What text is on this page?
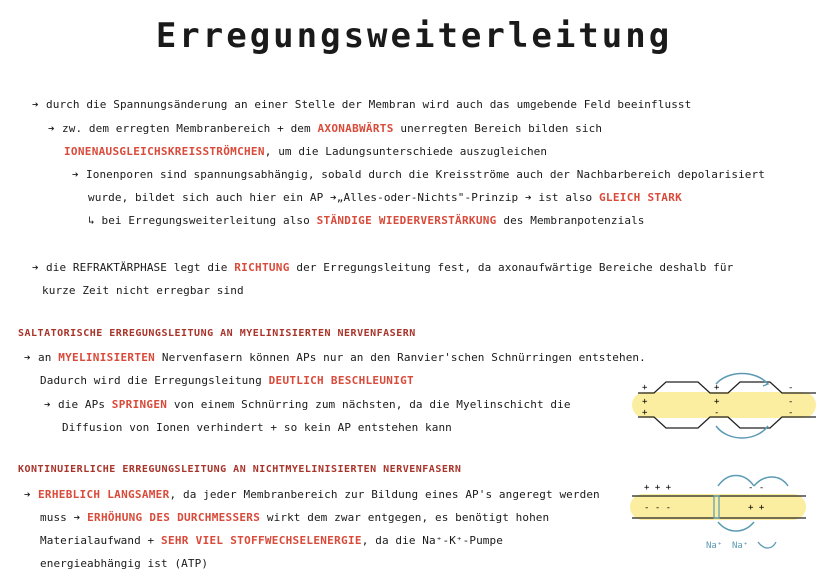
Erregungsweiterleitung
➔ durch die Spannungsänderung an einer Stelle der Membran wird auch das umgebende Feld beeinflusst
➔ zw. dem erregten Membranbereich + dem AXONABWÄRTS unerregten Bereich bilden sich
IONENAUSGLEICHSKREISSTRÖMCHEN, um die Ladungsunterschiede auszugleichen
➔ Ionenporen sind spannungsabhängig, sobald durch die Kreisströme auch der Nachbarbereich depolarisiert
wurde, bildet sich auch hier ein AP ➔„Alles-oder-Nichts"-Prinzip ➔ ist also GLEICH STARK
↳ bei Erregungsweiterleitung also STÄNDIGE WIEDERVERSTÄRKUNG des Membranpotenzials
➔ die REFRAKTÄRPHASE legt die RICHTUNG der Erregungsleitung fest, da axonaufwärtige Bereiche deshalb für
kurze Zeit nicht erregbar sind
SALTATORISCHE ERREGUNGSLEITUNG AN MYELINISIERTEN NERVENFASERN
➔ an MYELINISIERTEN Nervenfasern können APs nur an den Ranvier'schen Schnürringen entstehen.
Dadurch wird die Erregungsleitung DEUTLICH BESCHLEUNIGT
➔ die APs SPRINGEN von einem Schnürring zum nächsten, da die Myelinschicht die
Diffusion von Ionen verhindert + so kein AP entstehen kann
KONTINUIERLICHE ERREGUNGSLEITUNG AN NICHTMYELINISIERTEN NERVENFASERN
➔ ERHEBLICH LANGSAMER, da jeder Membranbereich zur Bildung eines AP's angeregt werden
muss ➔ ERHÖHUNG DES DURCHMESSERS wirkt dem zwar entgegen, es benötigt hohen
Materialaufwand + SEHR VIEL STOFFWECHSELENERGIE, da die Na⁺-K⁺-Pumpe
energieabhängig ist (ATP)
+	+	-
+	+	-
+	-	-
+ + +	- -
- - -	+ +
Na⁺ Na⁺
